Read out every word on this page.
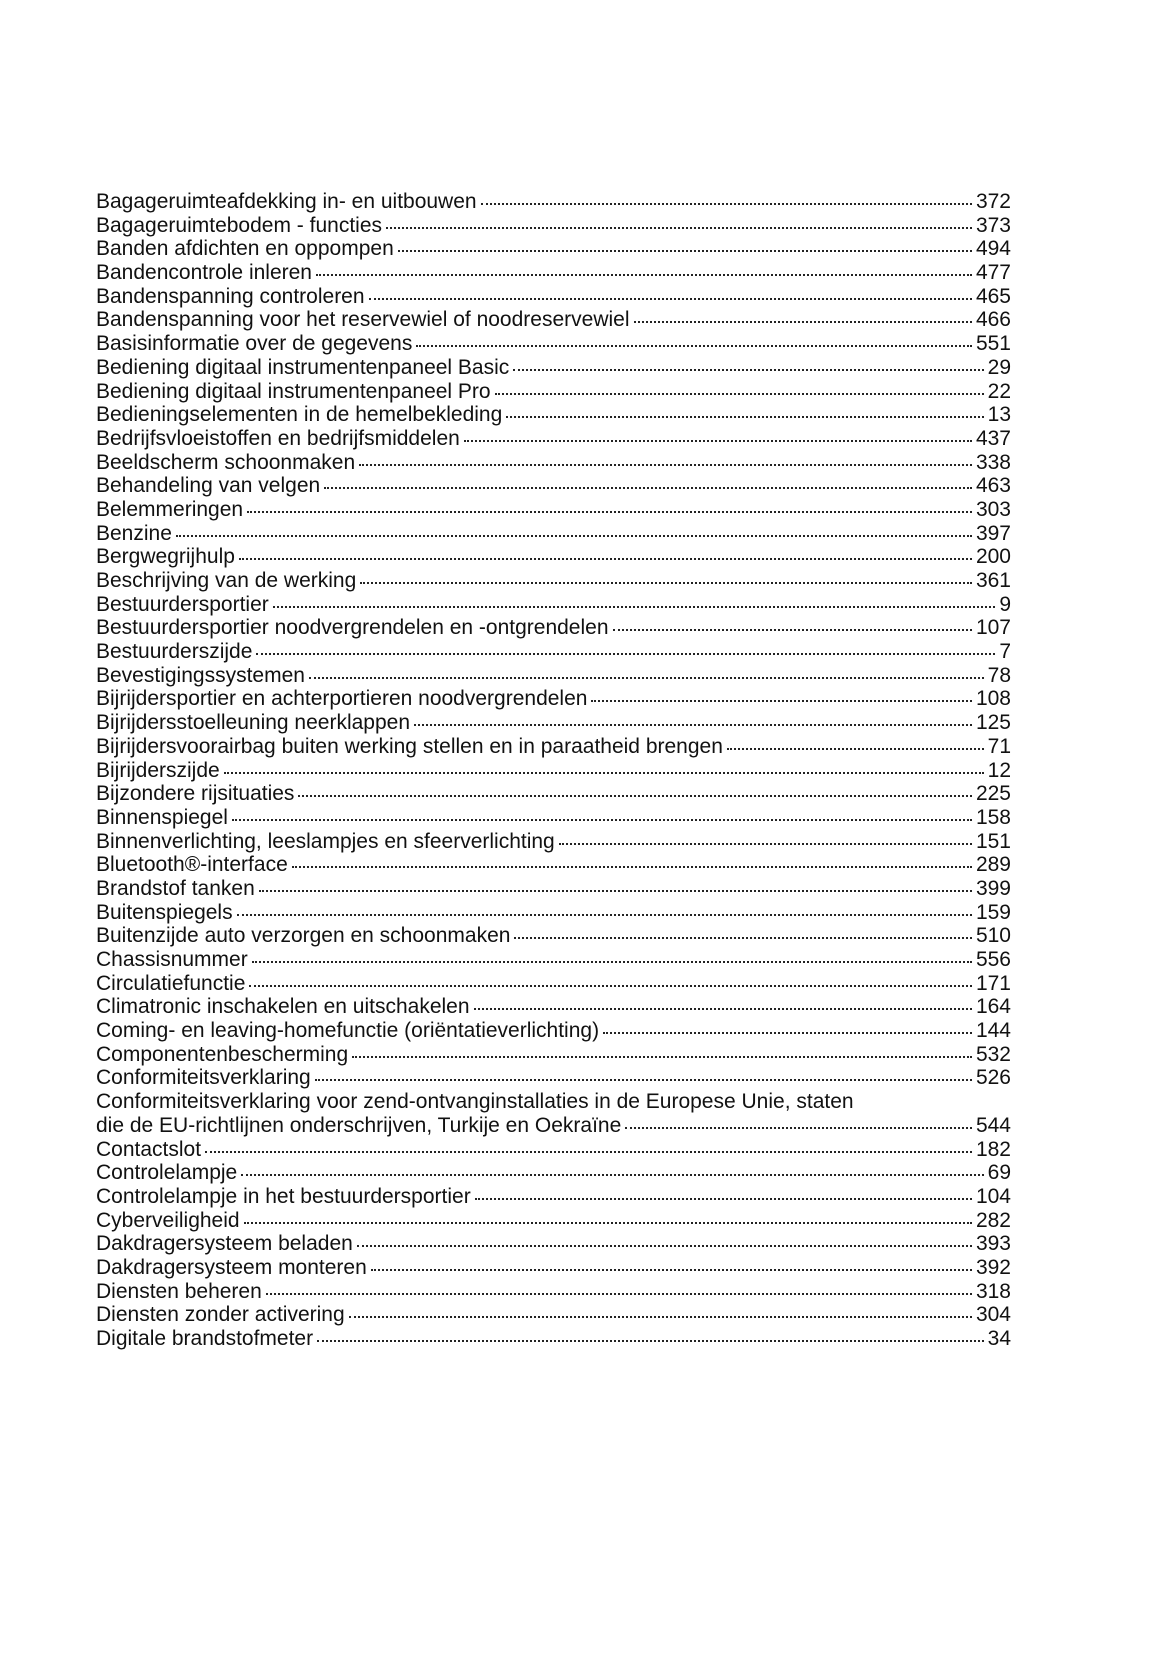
Bagageruimteafdekking in- en uitbouwen	372
Bagageruimtebodem - functies	373
Banden afdichten en oppompen	494
Bandencontrole inleren	477
Bandenspanning controleren	465
Bandenspanning voor het reservewiel of noodreservewiel	466
Basisinformatie over de gegevens	551
Bediening digitaal instrumentenpaneel Basic	29
Bediening digitaal instrumentenpaneel Pro	22
Bedieningselementen in de hemelbekleding	13
Bedrijfsvloeistoffen en bedrijfsmiddelen	437
Beeldscherm schoonmaken	338
Behandeling van velgen	463
Belemmeringen	303
Benzine	397
Bergwegrijhulp	200
Beschrijving van de werking	361
Bestuurdersportier	9
Bestuurdersportier noodvergrendelen en -ontgrendelen	107
Bestuurderszijde	7
Bevestigingssystemen	78
Bijrijdersportier en achterportieren noodvergrendelen	108
Bijrijdersstoelleuning neerklappen	125
Bijrijdersvoorairbag buiten werking stellen en in paraatheid brengen	71
Bijrijderszijde	12
Bijzondere rijsituaties	225
Binnenspiegel	158
Binnenverlichting, leeslampjes en sfeerverlichting	151
Bluetooth®-interface	289
Brandstof tanken	399
Buitenspiegels	159
Buitenzijde auto verzorgen en schoonmaken	510
Chassisnummer	556
Circulatiefunctie	171
Climatronic inschakelen en uitschakelen	164
Coming- en leaving-homefunctie (oriëntatieverlichting)	144
Componentenbescherming	532
Conformiteitsverklaring	526
Conformiteitsverklaring voor zend-ontvanginstallaties in de Europese Unie, staten
die de EU-richtlijnen onderschrijven, Turkije en Oekraïne	544
Contactslot	182
Controlelampje	69
Controlelampje in het bestuurdersportier	104
Cyberveiligheid	282
Dakdragersysteem beladen	393
Dakdragersysteem monteren	392
Diensten beheren	318
Diensten zonder activering	304
Digitale brandstofmeter	34
